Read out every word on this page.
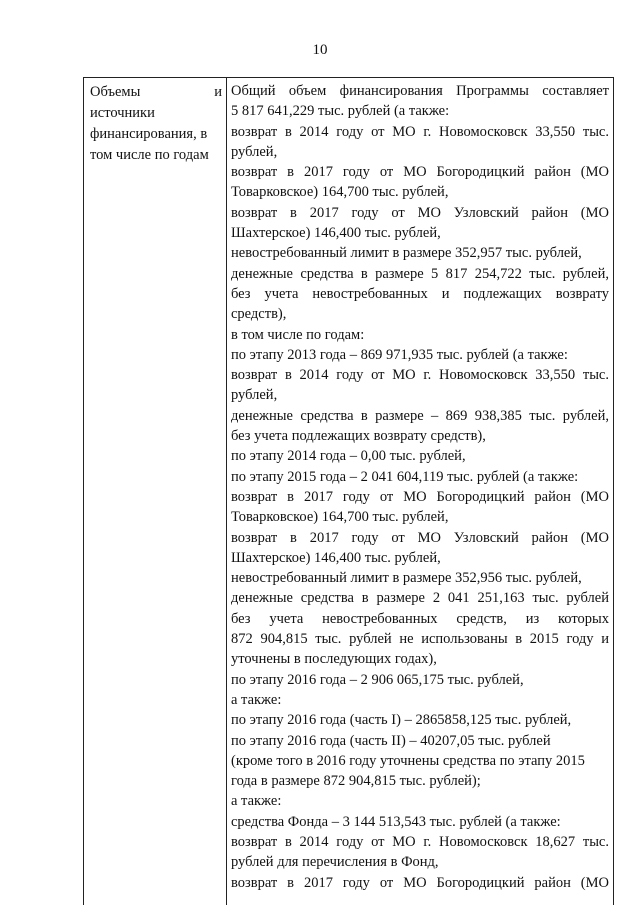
10
Объемы	и
источники
финансирования, в
том числе по годам
Общий объем финансирования Программы составляет
5 817 641,229 тыс. рублей (а также:
возврат в 2014 году от МО г. Новомосковск 33,550 тыс.
рублей,
возврат в 2017 году от МО Богородицкий район (МО
Товарковское) 164,700 тыс. рублей,
возврат в 2017 году от МО Узловский район (МО
Шахтерское) 146,400 тыс. рублей,
невостребованный лимит в размере 352,957 тыс. рублей,
денежные средства в размере 5 817 254,722 тыс. рублей,
без учета невостребованных и подлежащих возврату
средств),
в том числе по годам:
по этапу 2013 года – 869 971,935 тыс. рублей (а также:
возврат в 2014 году от МО г. Новомосковск 33,550 тыс.
рублей,
денежные средства в размере – 869 938,385 тыс. рублей,
без учета подлежащих возврату средств),
по этапу 2014 года – 0,00 тыс. рублей,
по этапу 2015 года – 2 041 604,119 тыс. рублей (а также:
возврат в 2017 году от МО Богородицкий район (МО
Товарковское) 164,700 тыс. рублей,
возврат в 2017 году от МО Узловский район (МО
Шахтерское) 146,400 тыс. рублей,
невостребованный лимит в размере 352,956 тыс. рублей,
денежные средства в размере 2 041 251,163 тыс. рублей
без учета невостребованных средств, из которых
872 904,815 тыс. рублей не использованы в 2015 году и
уточнены в последующих годах),
по этапу 2016 года – 2 906 065,175 тыс. рублей,
а также:
по этапу 2016 года (часть I) – 2865858,125 тыс. рублей,
по этапу 2016 года (часть II) – 40207,05 тыс. рублей
(кроме того в 2016 году уточнены средства по этапу 2015
года в размере 872 904,815 тыс. рублей);
а также:
средства Фонда – 3 144 513,543 тыс. рублей (а также:
возврат в 2014 году от МО г. Новомосковск 18,627 тыс.
рублей для перечисления в Фонд,
возврат в 2017 году от МО Богородицкий район (МО
